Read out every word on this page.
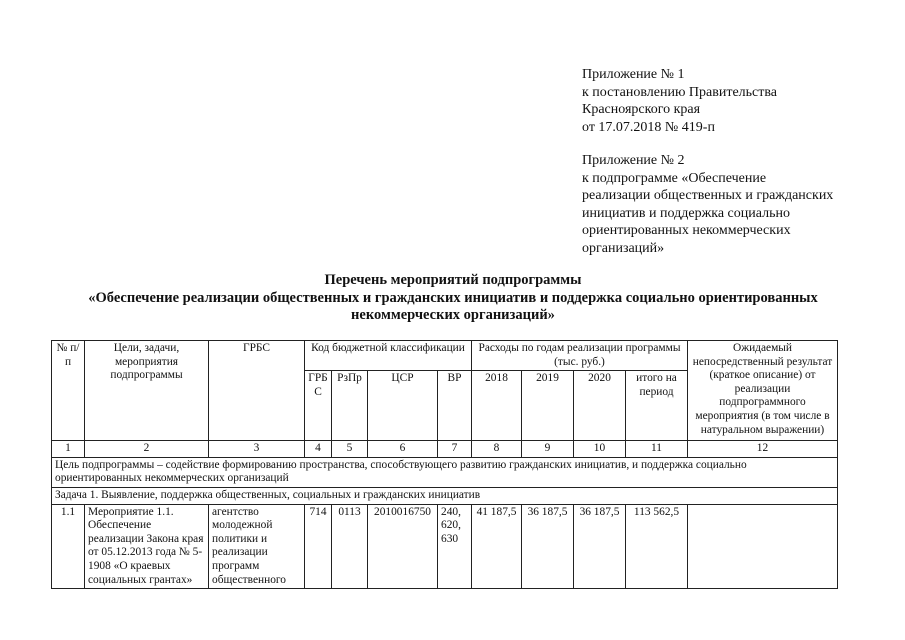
Приложение № 1
к постановлению Правительства
Красноярского края
от 17.07.2018 № 419-п
Приложение № 2
к подпрограмме «Обеспечение
реализации общественных и гражданских
инициатив и поддержка социально
ориентированных некоммерческих
организаций»
Перечень мероприятий подпрограммы
«Обеспечение реализации общественных и гражданских инициатив и поддержка социально ориентированных
некоммерческих организаций»
№ п/п	Цели, задачи, мероприятия подпрограммы	ГРБС	Код бюджетной классификации				Расходы по годам реализации программы (тыс. руб.)				Ожидаемый непосредственный результат (краткое описание) от реализации подпрограммного мероприятия (в том числе в натуральном выражении)
			ГРБ С	РзПр	ЦСР	ВР	2018	2019	2020	итого на период	
1	2	3	4	5	6	7	8	9	10	11	12
Цель подпрограммы – содействие формированию пространства, способствующего развитию гражданских инициатив, и поддержка социально ориентированных некоммерческих организаций											
Задача 1. Выявление, поддержка общественных, социальных и гражданских инициатив											
1.1	Мероприятие 1.1. Обеспечение реализации Закона края от 05.12.2013 года № 5-1908 «О краевых социальных грантах»	агентство молодежной политики и реализации программ общественного	714	0113	2010016750	240, 620, 630	41 187,5	36 187,5	36 187,5	113 562,5	
